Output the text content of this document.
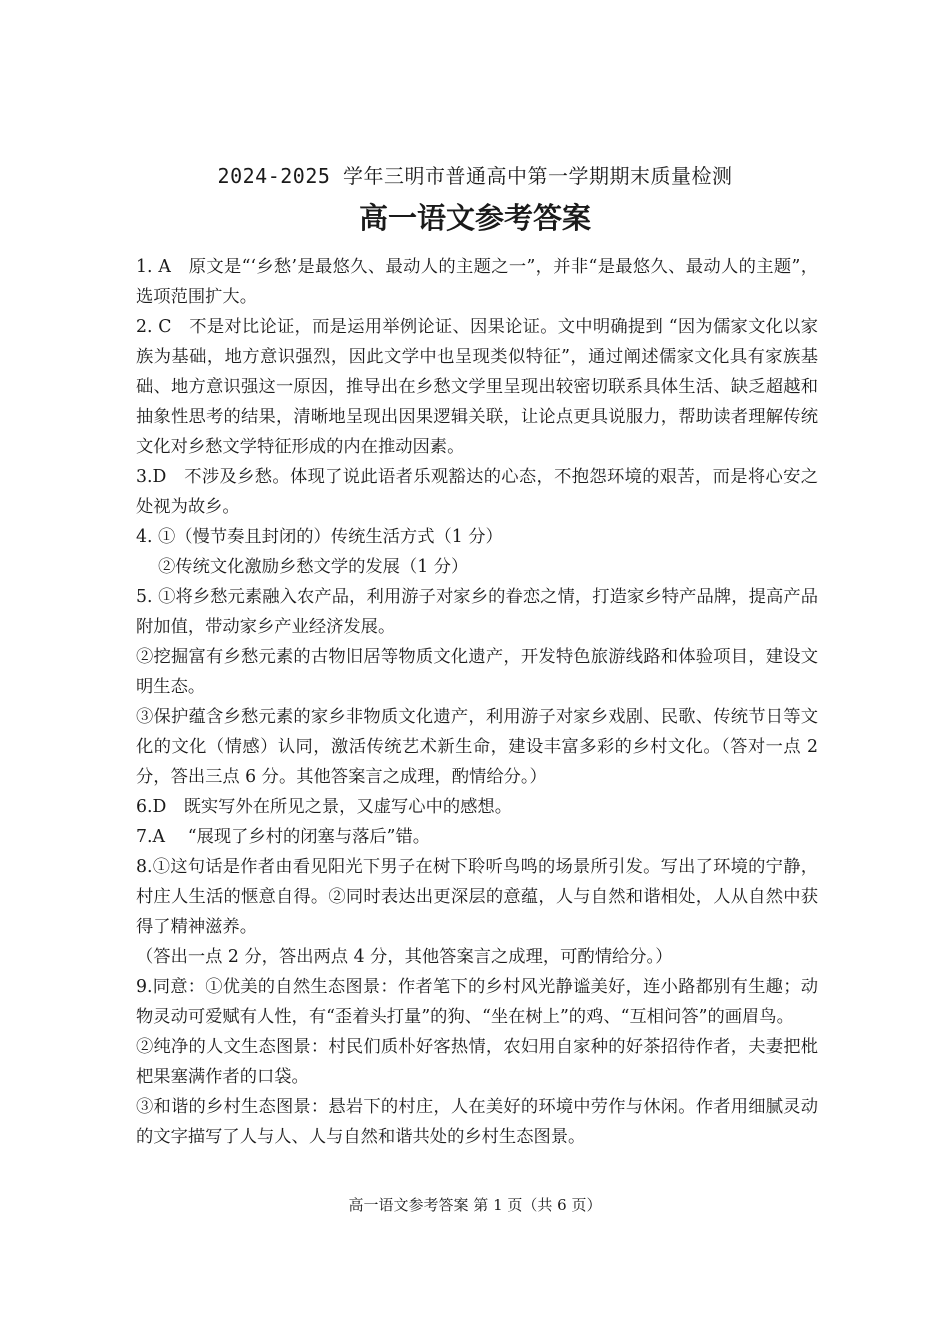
2024-2025 学年三明市普通高中第一学期期末质量检测
高一语文参考答案

1. A　原文是“‘乡愁’是最悠久、最动人的主题之一”，并非“是最悠久、最动人的主题”，选项范围扩大。

2. C　不是对比论证，而是运用举例论证、因果论证。文中明确提到 “因为儒家文化以家族为基础，地方意识强烈，因此文学中也呈现类似特征”，通过阐述儒家文化具有家族基础、地方意识强这一原因，推导出在乡愁文学里呈现出较密切联系具体生活、缺乏超越和抽象性思考的结果，清晰地呈现出因果逻辑关联，让论点更具说服力，帮助读者理解传统文化对乡愁文学特征形成的内在推动因素。

3.D　不涉及乡愁。体现了说此语者乐观豁达的心态，不抱怨环境的艰苦，而是将心安之处视为故乡。

4. ①（慢节奏且封闭的）传统生活方式（1 分）

②传统文化激励乡愁文学的发展（1 分）

5. ①将乡愁元素融入农产品，利用游子对家乡的眷恋之情，打造家乡特产品牌，提高产品附加值，带动家乡产业经济发展。

②挖掘富有乡愁元素的古物旧居等物质文化遗产，开发特色旅游线路和体验项目，建设文明生态。

③保护蕴含乡愁元素的家乡非物质文化遗产，利用游子对家乡戏剧、民歌、传统节日等文化的文化（情感）认同，激活传统艺术新生命，建设丰富多彩的乡村文化。（答对一点 2 分，答出三点 6 分。其他答案言之成理，酌情给分。）

6.D　既实写外在所见之景，又虚写心中的感想。

7.A　 “展现了乡村的闭塞与落后”错。

8.①这句话是作者由看见阳光下男子在树下聆听鸟鸣的场景所引发。写出了环境的宁静，村庄人生活的惬意自得。②同时表达出更深层的意蕴，人与自然和谐相处，人从自然中获得了精神滋养。

（答出一点 2 分，答出两点 4 分，其他答案言之成理，可酌情给分。）

9.同意：①优美的自然生态图景：作者笔下的乡村风光静谧美好，连小路都别有生趣；动物灵动可爱赋有人性，有“歪着头打量”的狗、“坐在树上”的鸡、“互相问答”的画眉鸟。

②纯净的人文生态图景：村民们质朴好客热情，农妇用自家种的好茶招待作者，夫妻把枇杷果塞满作者的口袋。

③和谐的乡村生态图景：悬岩下的村庄，人在美好的环境中劳作与休闲。作者用细腻灵动的文字描写了人与人、人与自然和谐共处的乡村生态图景。

高一语文参考答案 第 1 页（共 6 页）
